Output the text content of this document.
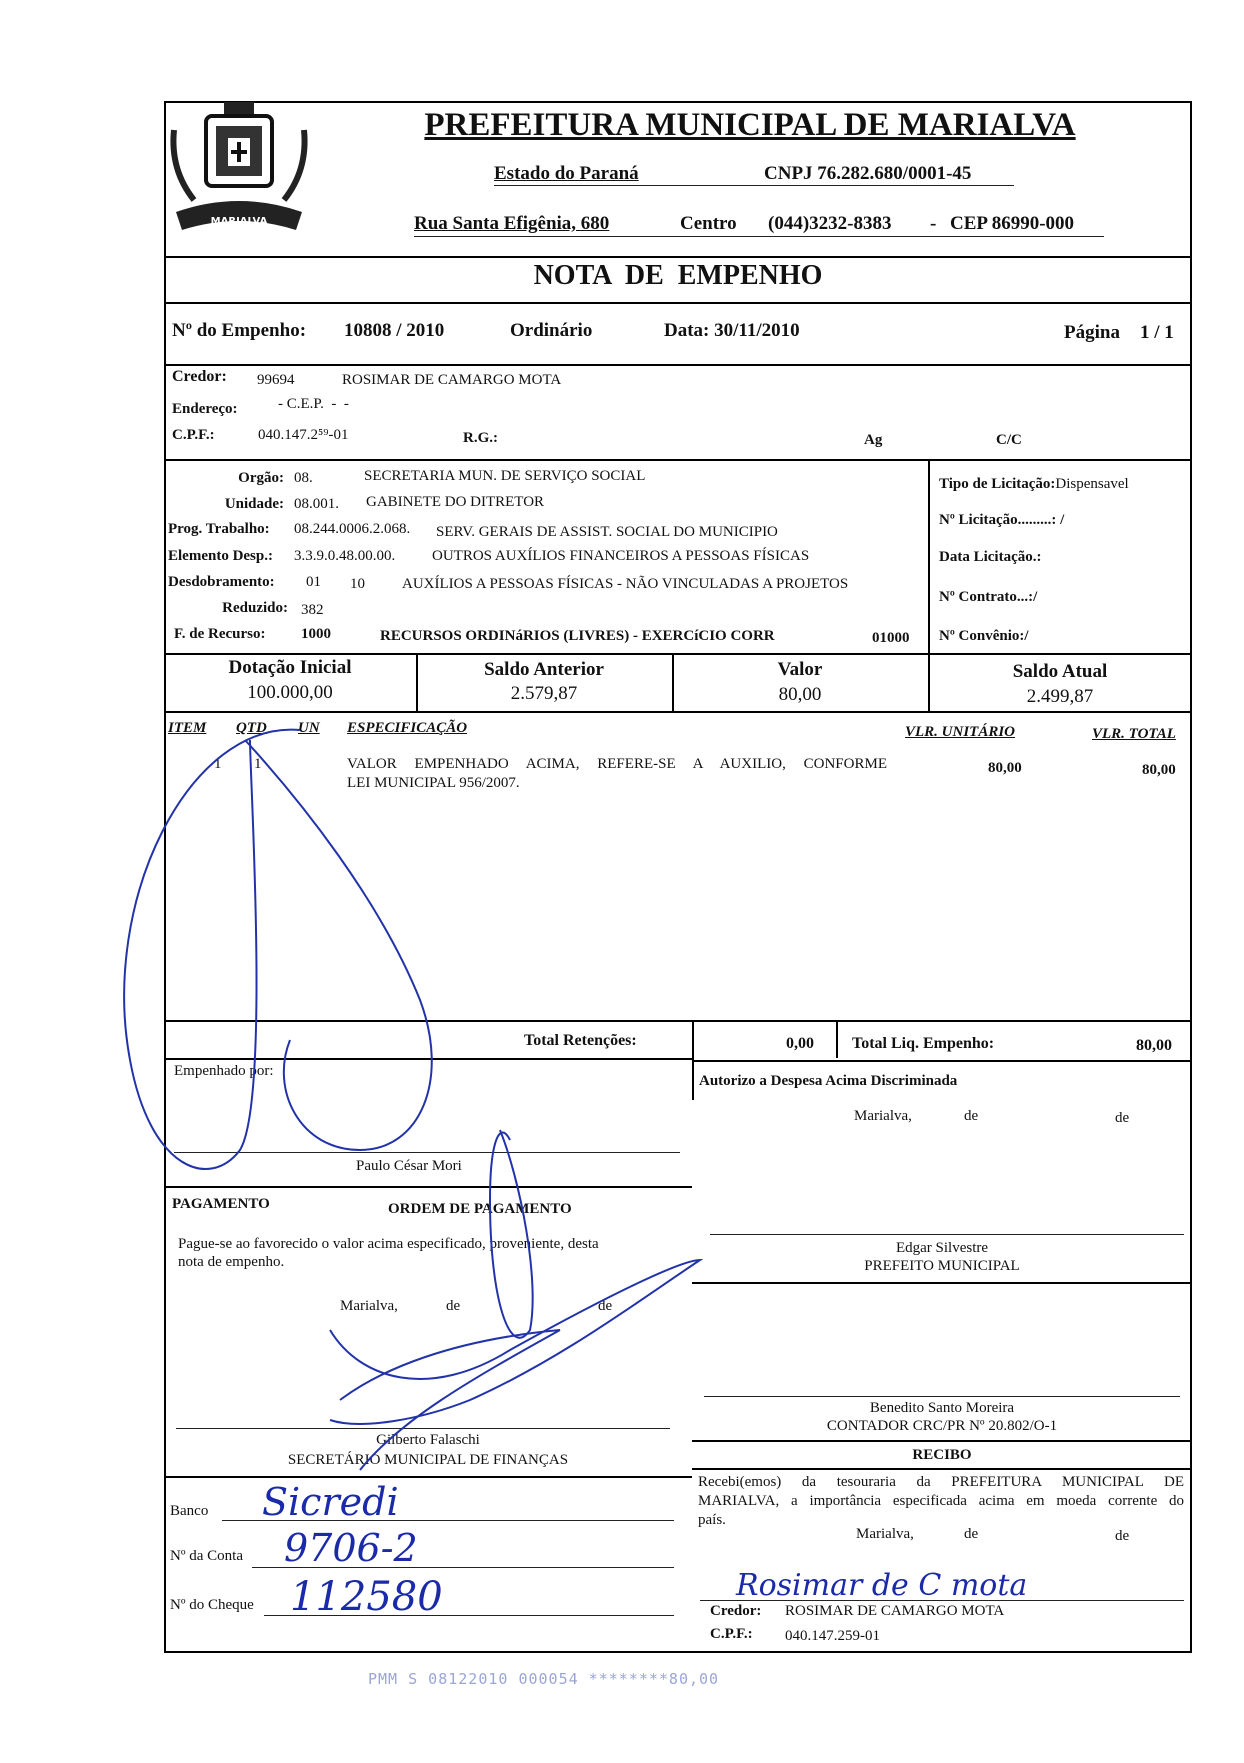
MARIALVA
PREFEITURA MUNICIPAL DE MARIALVA
Estado do Paraná	CNPJ 76.282.680/0001-45
Rua Santa Efigênia, 680	Centro (044)3232-8383 - CEP 86990-000
NOTA  DE  EMPENHO
Nº do Empenho: 10808 / 2010	Ordinário	Data: 30/11/2010	Página 1 / 1
Credor: 99694	ROSIMAR DE CAMARGO MOTA
Endereço:	- C.E.P.  -  -
C.P.F.:	040.147.2⁵⁹-01	R.G.:	Ag	C/C
Orgão: 08.	SECRETARIA MUN. DE SERVIÇO SOCIAL
Unidade: 08.001. GABINETE DO DITRETOR
Prog. Trabalho: 08.244.0006.2.068. SERV. GERAIS DE ASSIST. SOCIAL DO MUNICIPIO
Elemento Desp.: 3.3.9.0.48.00.00. OUTROS AUXÍLIOS FINANCEIROS A PESSOAS FÍSICAS
Desdobramento: 01 10 AUXÍLIOS A PESSOAS FÍSICAS - NÃO VINCULADAS A PROJETOS
Reduzido: 382
F. de Recurso: 1000	RECURSOS ORDINáRIOS (LIVRES) - EXERCíCIO CORR	01000
Tipo de Licitação:Dispensavel
Nº Licitação.........: /
Data Licitação.:
Nº Contrato...:/
Nº Convênio:/
Dotação Inicial
100.000,00
Saldo Anterior
2.579,87
Valor
80,00
Saldo Atual
2.499,87
ITEM QTD UN ESPECIFICAÇÃO	VLR. UNITÁRIO	VLR. TOTAL
1 1	VALOR EMPENHADO ACIMA, REFERE-SE A AUXILIO, CONFORME
LEI MUNICIPAL 956/2007.
80,00	80,00
Total Retenções:	0,00 Total Liq. Empenho:	80,00
Empenhado por:
Paulo César Mori
Autorizo a Despesa Acima Discriminada
Marialva,	de	de
Edgar Silvestre
PREFEITO MUNICIPAL
Benedito Santo Moreira
CONTADOR CRC/PR Nº 20.802/O-1
PAGAMENTO	ORDEM DE PAGAMENTO
Pague-se ao favorecido o valor acima especificado, proveniente, desta
nota de empenho.
Marialva,	de	de
Gilberto Falaschi
SECRETÁRIO MUNICIPAL DE FINANÇAS
Banco Sicredi
Nº da Conta 9706-2
Nº do Cheque 112580
RECIBO
Recebi(emos) da tesouraria da PREFEITURA MUNICIPAL DE
MARIALVA, a importância especificada acima em moeda corrente do
país.
Marialva,	de	de
Rosimar de C mota
Credor: ROSIMAR DE CAMARGO MOTA
C.P.F.: 040.147.259-01
PMM S 08122010 000054 ********80,00
